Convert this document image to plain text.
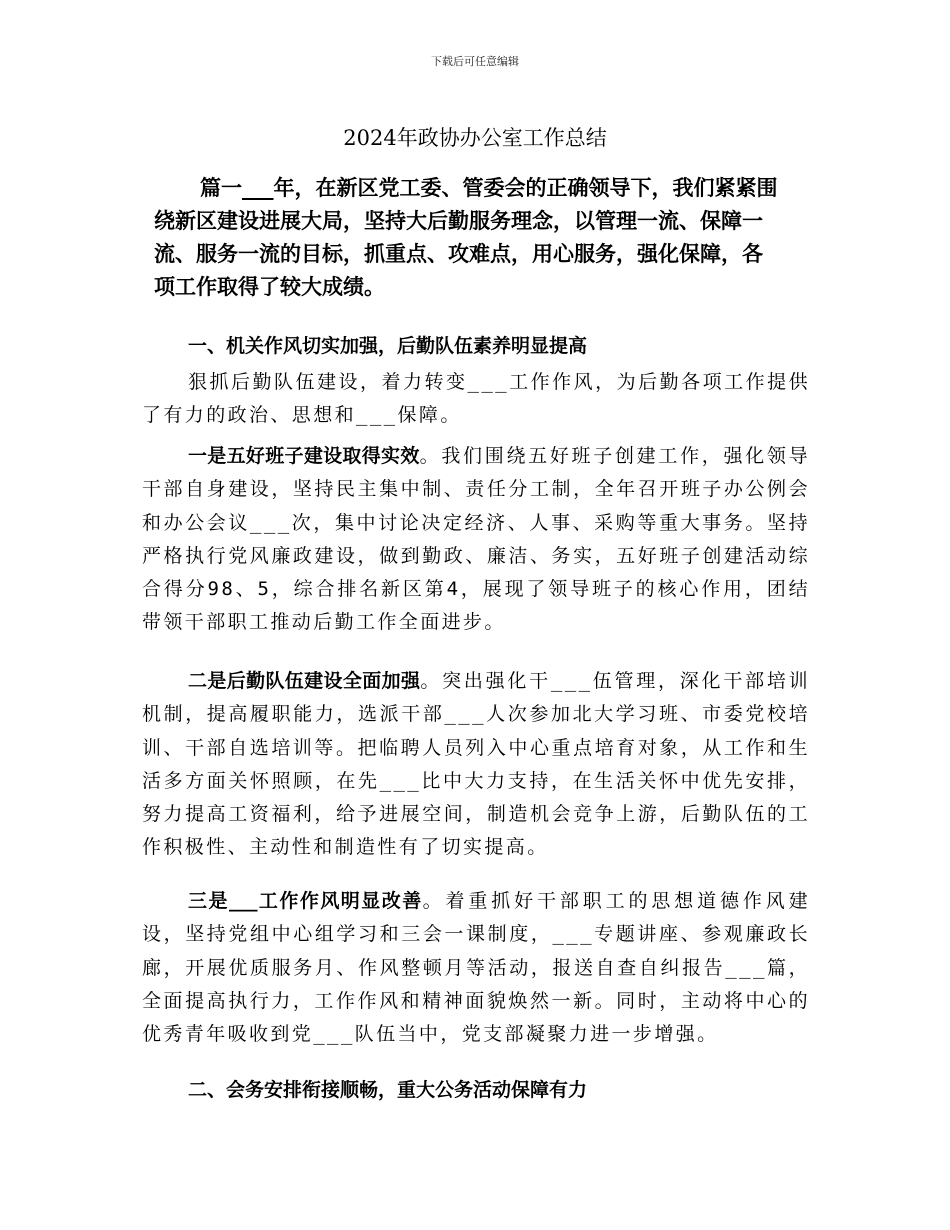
下载后可任意编辑
2024年政协办公室工作总结
篇一___年，在新区党工委、管委会的正确领导下，我们紧紧围
绕新区建设进展大局，坚持大后勤服务理念，以管理一流、保障一
流、服务一流的目标，抓重点、攻难点，用心服务，强化保障，各
项工作取得了较大成绩。
一、机关作风切实加强，后勤队伍素养明显提高
狠抓后勤队伍建设，着力转变___工作作风，为后勤各项工作提供了有力的政治、思想和___保障。
一是五好班子建设取得实效。我们围绕五好班子创建工作，强化领导干部自身建设，坚持民主集中制、责任分工制，全年召开班子办公例会和办公会议___次，集中讨论决定经济、人事、采购等重大事务。坚持严格执行党风廉政建设，做到勤政、廉洁、务实，五好班子创建活动综合得分98、5，综合排名新区第4，展现了领导班子的核心作用，团结带领干部职工推动后勤工作全面进步。
二是后勤队伍建设全面加强。突出强化干___伍管理，深化干部培训机制，提高履职能力，选派干部___人次参加北大学习班、市委党校培训、干部自选培训等。把临聘人员列入中心重点培育对象，从工作和生活多方面关怀照顾，在先___比中大力支持，在生活关怀中优先安排，努力提高工资福利，给予进展空间，制造机会竞争上游，后勤队伍的工作积极性、主动性和制造性有了切实提高。
三是___工作作风明显改善。着重抓好干部职工的思想道德作风建设，坚持党组中心组学习和三会一课制度，___专题讲座、参观廉政长廊，开展优质服务月、作风整顿月等活动，报送自查自纠报告___篇，全面提高执行力，工作作风和精神面貌焕然一新。同时，主动将中心的优秀青年吸收到党___队伍当中，党支部凝聚力进一步增强。
二、会务安排衔接顺畅，重大公务活动保障有力
